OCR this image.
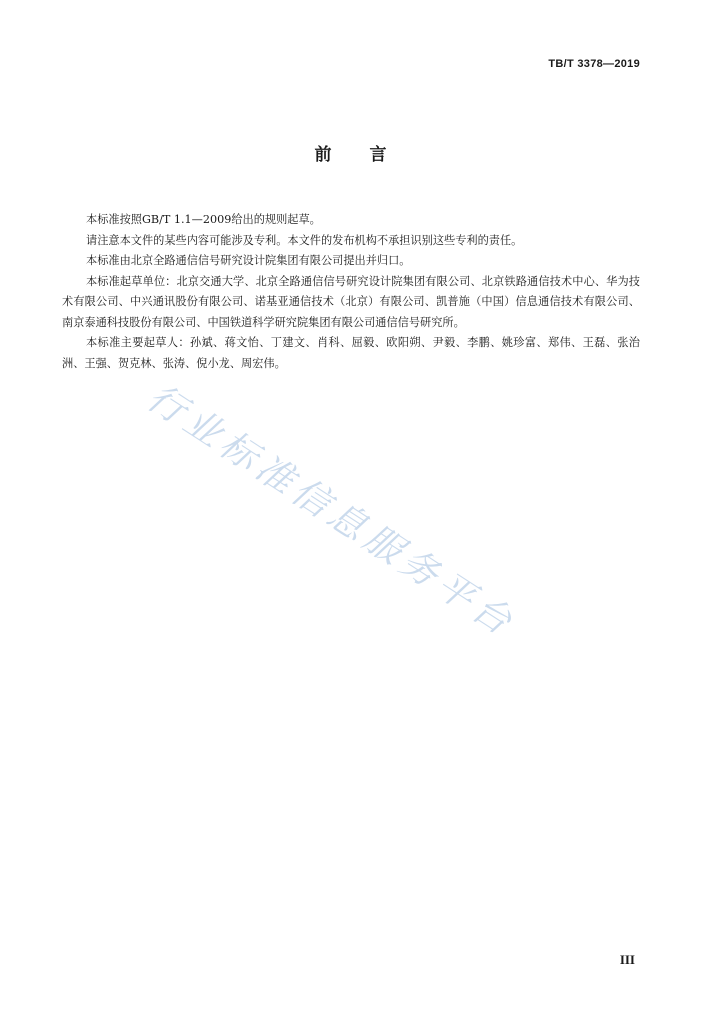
TB/T 3378—2019
前言

本标准按照GB/T 1.1—2009给出的规则起草。

请注意本文件的某些内容可能涉及专利。本文件的发布机构不承担识别这些专利的责任。

本标准由北京全路通信信号研究设计院集团有限公司提出并归口。

本标准起草单位：北京交通大学、北京全路通信信号研究设计院集团有限公司、北京铁路通信技术中心、华为技术有限公司、中兴通讯股份有限公司、诺基亚通信技术（北京）有限公司、凯普施（中国）信息通信技术有限公司、南京泰通科技股份有限公司、中国铁道科学研究院集团有限公司通信信号研究所。

本标准主要起草人：孙斌、蒋文怡、丁建文、肖科、屈毅、欧阳朔、尹毅、李鹏、姚珍富、郑伟、王磊、张治洲、王强、贺克林、张涛、倪小龙、周宏伟。

行业标准信息服务平台
III
